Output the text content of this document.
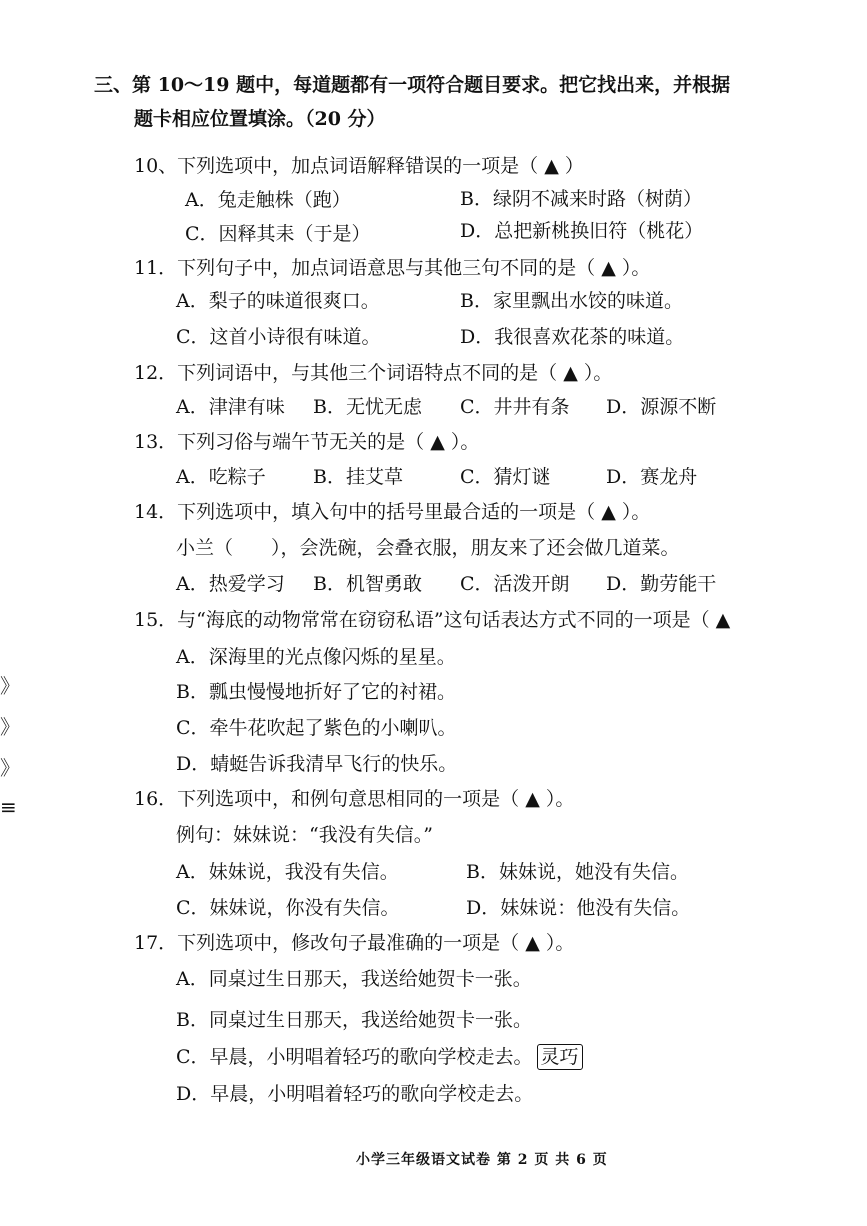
三、第 10～19 题中，每道题都有一项符合题目要求。把它找出来，并根据
题卡相应位置填涂。（20 分）
10、下列选项中，加点词语解释错误的一项是（ ▲ ）
A．兔走触株（跑）	B．绿阴不减来时路（树荫）
C．因释其耒（于是）	D．总把新桃换旧符（桃花）
11．下列句子中，加点词语意思与其他三句不同的是（ ▲ ）。
A．梨子的味道很爽口。	B．家里飘出水饺的味道。
C．这首小诗很有味道。	D．我很喜欢花茶的味道。
12．下列词语中，与其他三个词语特点不同的是（ ▲ ）。
A．津津有味 B．无忧无虑 C．井井有条 D．源源不断
13．下列习俗与端午节无关的是（ ▲ ）。
A．吃粽子 B．挂艾草	C．猜灯谜	D．赛龙舟
14．下列选项中，填入句中的括号里最合适的一项是（ ▲ ）。
小兰（　　），会洗碗，会叠衣服，朋友来了还会做几道菜。
A．热爱学习 B．机智勇敢 C．活泼开朗 D．勤劳能干
15．与“海底的动物常常在窃窃私语”这句话表达方式不同的一项是（ ▲
A．深海里的光点像闪烁的星星。
B．瓢虫慢慢地折好了它的衬裙。
C．牵牛花吹起了紫色的小喇叭。
D．蜻蜓告诉我清早飞行的快乐。
16．下列选项中，和例句意思相同的一项是（ ▲ ）。
例句：妹妹说：“我没有失信。”
A．妹妹说，我没有失信。	B．妹妹说，她没有失信。
C．妹妹说，你没有失信。	D．妹妹说：他没有失信。
17．下列选项中，修改句子最准确的一项是（ ▲ ）。
A．同桌过生日那天，我送给她贺卡一张。
B．同桌过生日那天，我送给她贺卡一张。
C．早晨，小明唱着轻巧的歌向学校走去。 灵巧
D．早晨，小明唱着轻巧的歌向学校走去。
》
》
》
≡
小学三年级语文试卷 第 2 页 共 6 页
